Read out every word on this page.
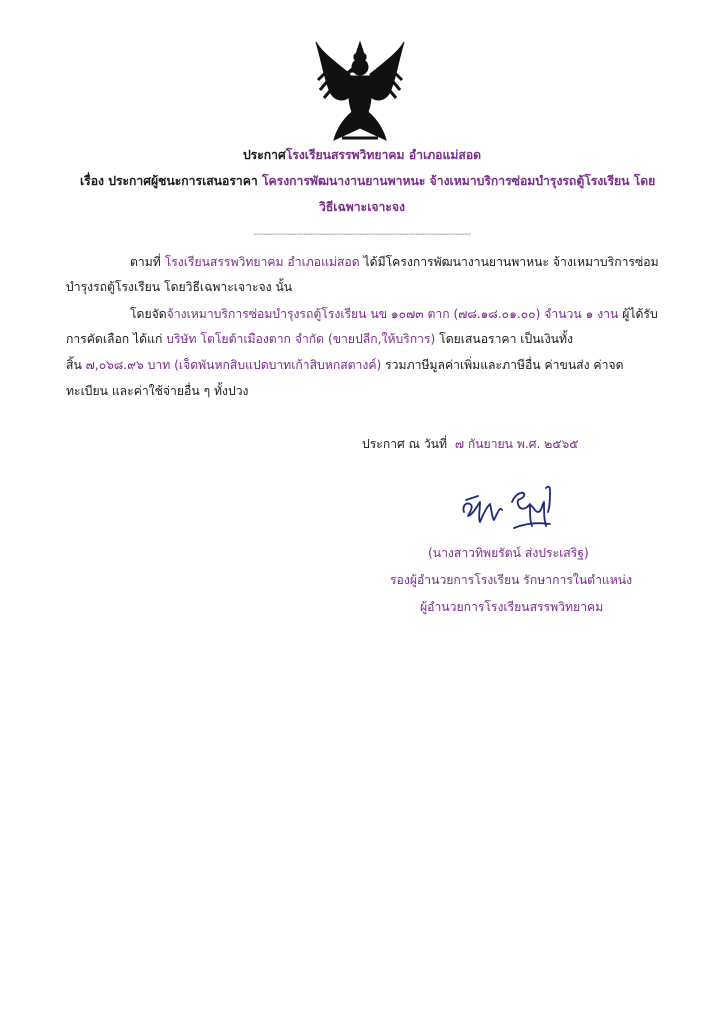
ประกาศโรงเรียนสรรพวิทยาคม อำเภอแม่สอด
เรื่อง ประกาศผู้ชนะการเสนอราคา โครงการพัฒนางานยานพาหนะ จ้างเหมาบริการซ่อมบำรุงรถตู้โรงเรียน โดย
วิธีเฉพาะเจาะจง
----------------------------------------------------------------------
ตามที่ โรงเรียนสรรพวิทยาคม อำเภอแม่สอด ได้มีโครงการพัฒนางานยานพาหนะ จ้างเหมาบริการซ่อม
บำรุงรถตู้โรงเรียน โดยวิธีเฉพาะเจาะจง นั้น
โดยจัดจ้างเหมาบริการซ่อมบำรุงรถตู้โรงเรียน นข ๑๐๗๓ ตาก (๗๘.๑๘.๐๑.๐๐) จำนวน ๑ งาน ผู้ได้รับ
การคัดเลือก ได้แก่ บริษัท โตโยต้าเมืองตาก จำกัด (ขายปลีก,ให้บริการ) โดยเสนอราคา เป็นเงินทั้ง
สิ้น ๗,๐๖๘.๙๖ บาท (เจ็ดพันหกสิบแปดบาทเก้าสิบหกสตางค์) รวมภาษีมูลค่าเพิ่มและภาษีอื่น ค่าขนส่ง ค่าจด
ทะเบียน และค่าใช้จ่ายอื่น ๆ ทั้งปวง
ประกาศ ณ วันที่ ๗ กันยายน พ.ศ. ๒๕๖๕
(นางสาวทิพยรัตน์ ส่งประเสริฐ)
รองผู้อำนวยการโรงเรียน รักษาการในตำแหน่ง
ผู้อำนวยการโรงเรียนสรรพวิทยาคม
